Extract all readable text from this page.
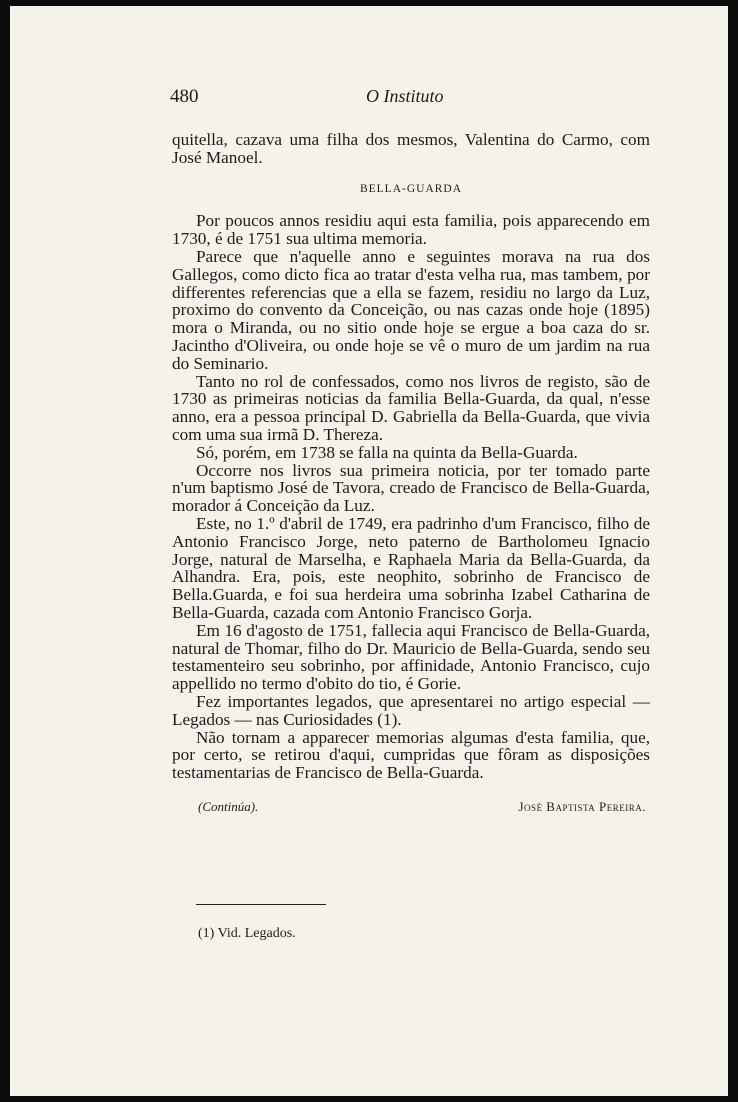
480	O Instituto

quitella, cazava uma filha dos mesmos, Valentina do Carmo, com José Manoel.

BELLA-GUARDA

Por poucos annos residiu aqui esta familia, pois apparecendo em 1730, é de 1751 sua ultima memoria.

Parece que n'aquelle anno e seguintes morava na rua dos Gallegos, como dicto fica ao tratar d'esta velha rua, mas tambem, por differentes referencias que a ella se fazem, residiu no largo da Luz, proximo do convento da Conceição, ou nas cazas onde hoje (1895) mora o Miranda, ou no sitio onde hoje se ergue a boa caza do sr. Jacintho d'Oliveira, ou onde hoje se vê o muro de um jardim na rua do Seminario.

Tanto no rol de confessados, como nos livros de registo, são de 1730 as primeiras noticias da familia Bella-Guarda, da qual, n'esse anno, era a pessoa principal D. Gabriella da Bella-Guarda, que vivia com uma sua irmã D. Thereza.

Só, porém, em 1738 se falla na quinta da Bella-Guarda.

Occorre nos livros sua primeira noticia, por ter tomado parte n'um baptismo José de Tavora, creado de Francisco de Bella-Guarda, morador á Conceição da Luz.

Este, no 1.º d'abril de 1749, era padrinho d'um Francisco, filho de Antonio Francisco Jorge, neto paterno de Bartholomeu Ignacio Jorge, natural de Marselha, e Raphaela Maria da Bella-Guarda, da Alhandra. Era, pois, este neophito, sobrinho de Francisco de Bella.Guarda, e foi sua herdeira uma sobrinha Izabel Catharina de Bella-Guarda, cazada com Antonio Francisco Gorja.

Em 16 d'agosto de 1751, fallecia aqui Francisco de Bella-Guarda, natural de Thomar, filho do Dr. Mauricio de Bella-Guarda, sendo seu testamenteiro seu sobrinho, por affinidade, Antonio Francisco, cujo appellido no termo d'obito do tio, é Gorie.

Fez importantes legados, que apresentarei no artigo especial — Legados — nas Curiosidades (1).

Não tornam a apparecer memorias algumas d'esta familia, que, por certo, se retirou d'aqui, cumpridas que fôram as disposições testamentarias de Francisco de Bella-Guarda.

(Continúa).	José Baptista Pereira.
(1) Vid. Legados.
